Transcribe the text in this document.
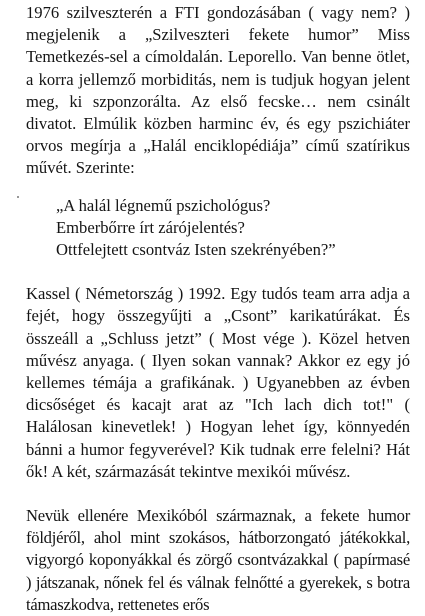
1976 szilveszterén a FTI gondozásában ( vagy nem? ) megjelenik a „Szilveszteri fekete humor” Miss Temetkezés-sel a címoldalán. Leporello. Van benne ötlet, a korra jellemző morbiditás, nem is tudjuk hogyan jelent meg, ki szponzorálta. Az első fecske… nem csinált divatot. Elmúlik közben harminc év, és egy pszichiáter orvos megírja a „Halál enciklopédiája” című szatírikus művét. Szerinte:

„A halál légnemű pszichológus?
Emberbőrre írt zárójelentés?
Ottfelejtett csontváz Isten szekrényében?”

Kassel ( Németország ) 1992. Egy tudós team arra adja a fejét, hogy összegyűjti a „Csont” karikatúrákat. És összeáll a „Schluss jetzt” ( Most vége ). Közel hetven művész anyaga. ( Ilyen sokan vannak? Akkor ez egy jó kellemes témája a grafikának. ) Ugyanebben az évben dicsőséget és kacajt arat az "Ich lach dich tot!" ( Halálosan kinevetlek! ) Hogyan lehet így, könnyedén bánni a humor fegyverével? Kik tudnak erre felelni? Hát ők! A két, származását tekintve mexikói művész.

Nevük ellenére Mexikóból származnak, a fekete humor földjéről, ahol mint szokásos, hátborzongató játékokkal, vigyorgó koponyákkal és zörgő csontvázakkal ( papírmasé ) játszanak, nőnek fel és válnak felnőtté a gyerekek, s botra támaszkodva, rettenetes erős
